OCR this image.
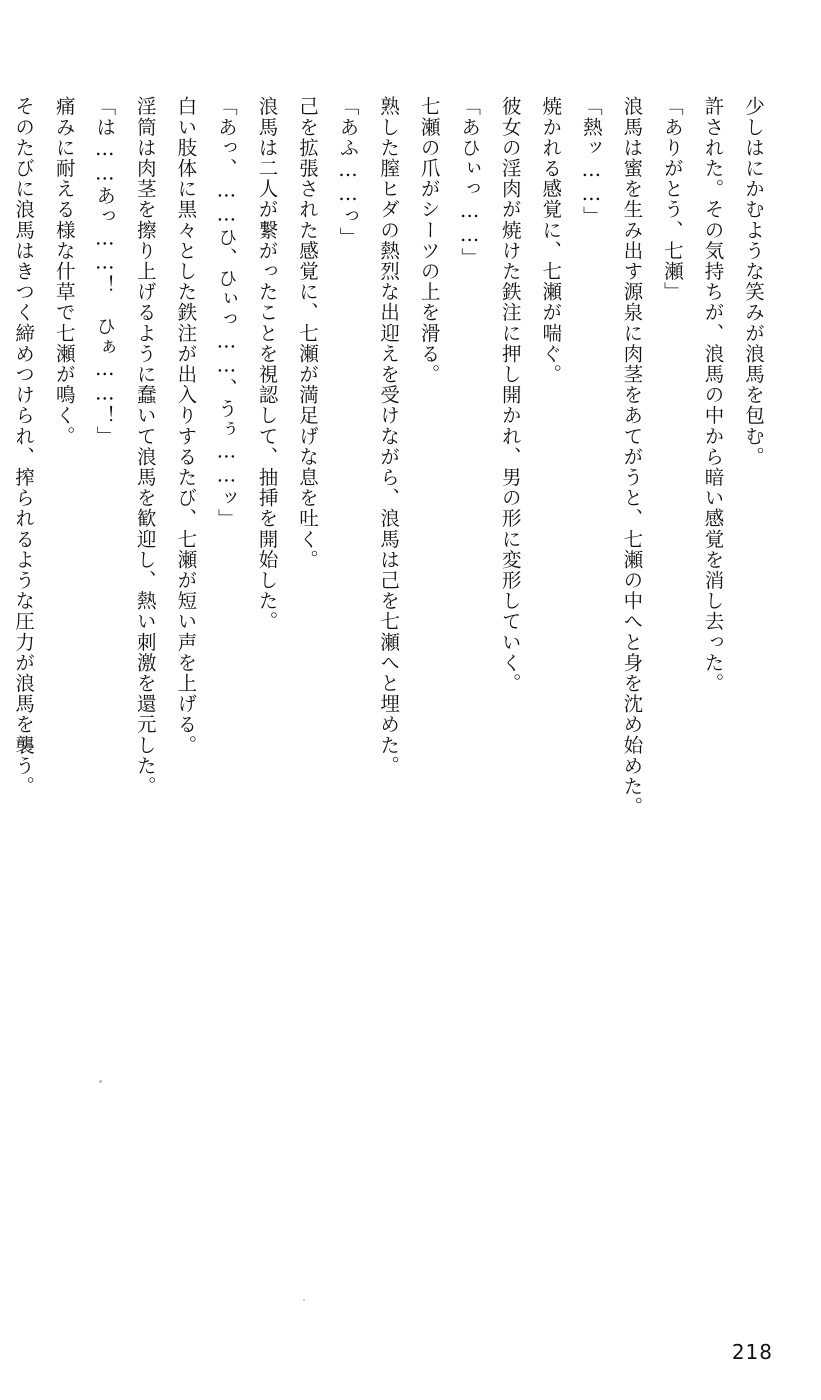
少しはにかむような笑みが浪馬を包む。

許された。その気持ちが、浪馬の中から暗い感覚を消し去った。

「ありがとう、七瀬」

浪馬は蜜を生み出す源泉に肉茎をあてがうと、七瀬の中へと身を沈め始めた。

「熱ッ……」

焼かれる感覚に、七瀬が喘ぐ。

彼女の淫肉が焼けた鉄注に押し開かれ、男の形に変形していく。

「あひぃっ……」

七瀬の爪がシーツの上を滑る。

熟した膣ヒダの熱烈な出迎えを受けながら、浪馬は己を七瀬へと埋めた。

「あふ……っ」

己を拡張された感覚に、七瀬が満足げな息を吐く。

浪馬は二人が繋がったことを視認して、抽挿を開始した。

「あっ、……ひ、ひぃっ……、うぅ……ッ」

白い肢体に黒々とした鉄注が出入りするたび、七瀬が短い声を上げる。

淫筒は肉茎を擦り上げるように蠢いて浪馬を歓迎し、熱い刺激を還元した。

「は……あっ……！　ひぁ……！」

痛みに耐える様な什草で七瀬が鳴く。

そのたびに浪馬はきつく締めつけられ、搾られるような圧力が浪馬を襲う。

218
